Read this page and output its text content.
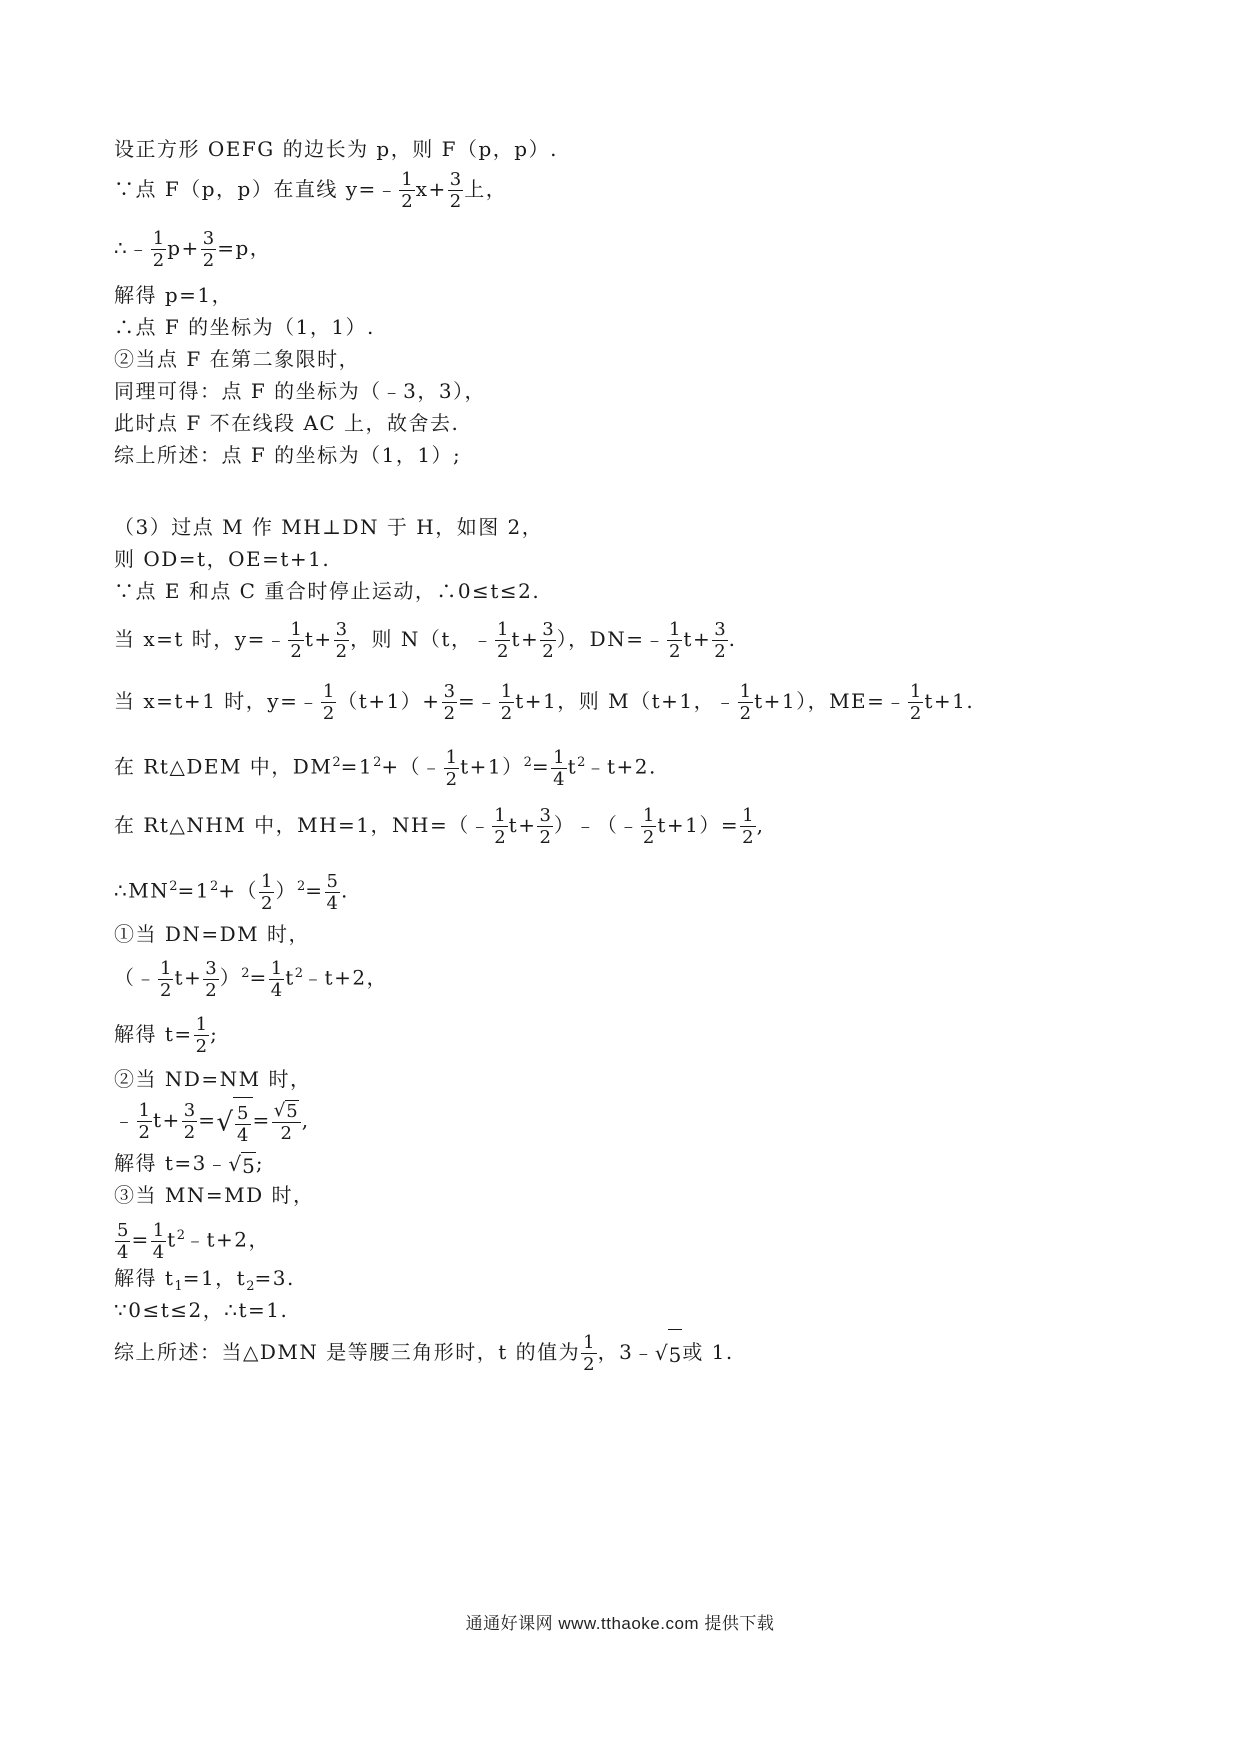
设正方形 OEFG 的边长为 p，则 F（p，p）.
∵点 F（p，p）在直线 y=﹣ $\frac{1}{2} x+ \frac{3}{2}$ 上，
∴﹣ $\frac{1}{2} p+ \frac{3}{2} =p$，
解得 p=1，
∴点 F 的坐标为（1，1）.
②当点 F 在第二象限时，
同理可得：点 F 的坐标为（﹣3，3），
此时点 F 不在线段 AC 上，故舍去.
综上所述：点 F 的坐标为（1，1）;
（3）过点 M 作 MH⊥DN 于 H，如图 2，
则 OD=t，OE=t+1.
∵点 E 和点 C 重合时停止运动，∴0≤t≤2.
当 x=t 时，y=﹣ $\frac{1}{2} t+ \frac{3}{2}$ ，则 N（t，﹣ $\frac{1}{2} t+ \frac{3}{2}$ ），DN=﹣ $\frac{1}{2} t+ \frac{3}{2}$ .
当 x=t+1 时，y=﹣ $\frac{1}{2} (t+1)+ \frac{3}{2}$ =﹣ $\frac{1}{2} t+1$，则 M（t+1，﹣ $\frac{1}{2} t+1$），ME=﹣ $\frac{1}{2} t+1$.
在 Rt△DEM 中，$DM^2=1^2+(﹣ \frac{1}{2} t+1)^2= \frac{1}{4}$ $t^2﹣t+2$.
在 Rt△NHM 中，MH=1，NH=（﹣ $\frac{1}{2} t+ \frac{3}{2}$ ）﹣（﹣ $\frac{1}{2} t+1)= \frac{1}{2}$ ,
$\therefore MN^2=1^2+( \frac{1}{2} )^2= \frac{5}{4}$ .
①当 DN=DM 时，
（﹣ $\frac{1}{2} t+ \frac{3}{2} )^2= \frac{1}{4}$ $t^2﹣t+2$，
解得 $t= \frac{1}{2}$ ;
②当 ND=NM 时，
﹣ $\frac{1}{2} t+ \frac{3}{2}$ =√ $\frac{5}{4} = \frac{√5}{2}$ ,
解得 t=3﹣√5;
③当 MN=MD 时，
$\frac{5}{4} = \frac{1}{4}$ $t^2﹣t+2$，
解得 $t_1=1$，$t_2=3$.
∵0≤t≤2，∴t=1.
综上所述：当△DMN 是等腰三角形时，t 的值为 $\frac{1}{2}$ ，3﹣√5或 1.
通通好课网 www.tthaoke.com 提供下载
